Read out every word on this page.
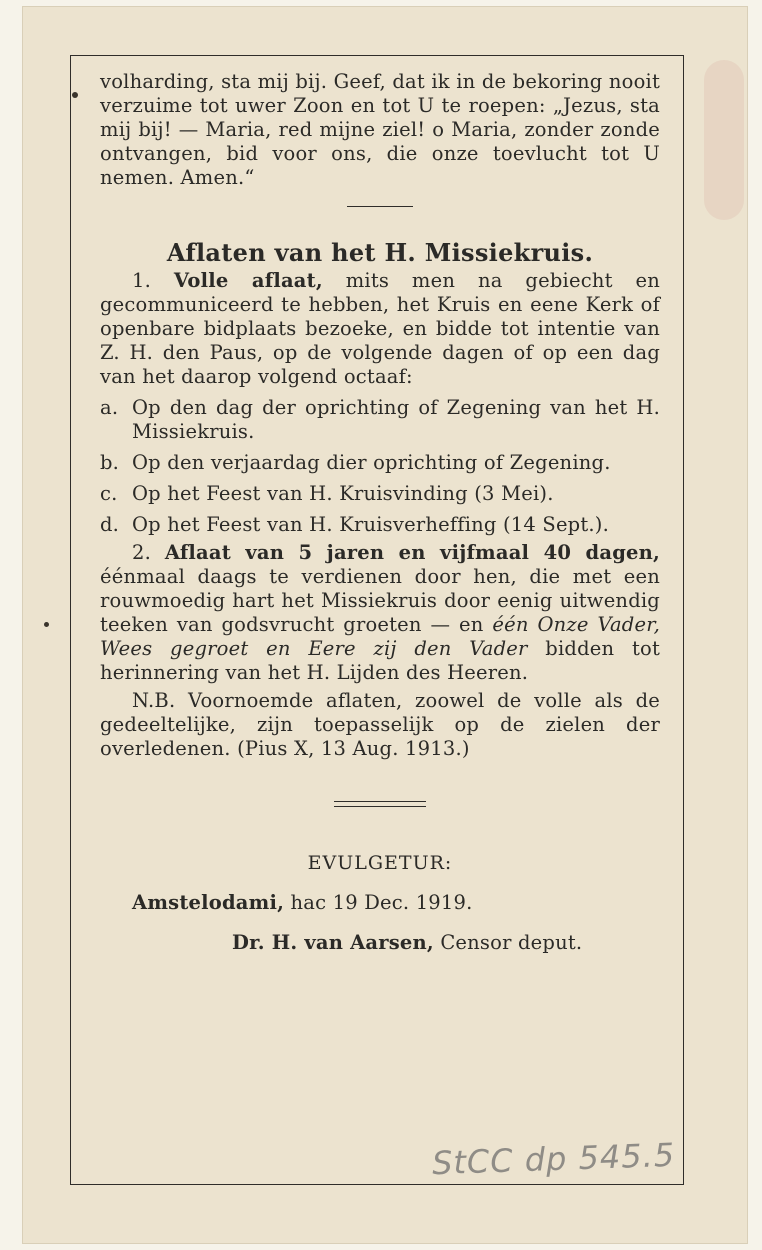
volharding, sta mij bij. Geef, dat ik in de bekoring nooit verzuime tot uwer Zoon en tot U te roepen: „Jezus, sta mij bij! — Maria, red mijne ziel! o Maria, zonder zonde ontvangen, bid voor ons, die onze toevlucht tot U nemen. Amen.“

Aflaten van het H. Missiekruis.

1. Volle aflaat, mits men na gebiecht en gecommuniceerd te hebben, het Kruis en eene Kerk of openbare bidplaats bezoeke, en bidde tot intentie van Z. H. den Paus, op de volgende dagen of op een dag van het daarop volgend octaaf:

a. Op den dag der oprichting of Zegening van het H. Missiekruis.
b. Op den verjaardag dier oprichting of Zegening.
c. Op het Feest van H. Kruisvinding (3 Mei).
d. Op het Feest van H. Kruisverheffing (14 Sept.).

2. Aflaat van 5 jaren en vijfmaal 40 dagen, éénmaal daags te verdienen door hen, die met een rouwmoedig hart het Missiekruis door eenig uitwendig teeken van godsvrucht groeten — en één Onze Vader, Wees gegroet en Eere zij den Vader bidden tot herinnering van het H. Lijden des Heeren.

N.B. Voornoemde aflaten, zoowel de volle als de gedeeltelijke, zijn toepasselijk op de zielen der overledenen. (Pius X, 13 Aug. 1913.)

EVULGETUR:
Amstelodami, hac 19 Dec. 1919.
Dr. H. van Aarsen, Censor deput.
StCC dp 545.5
